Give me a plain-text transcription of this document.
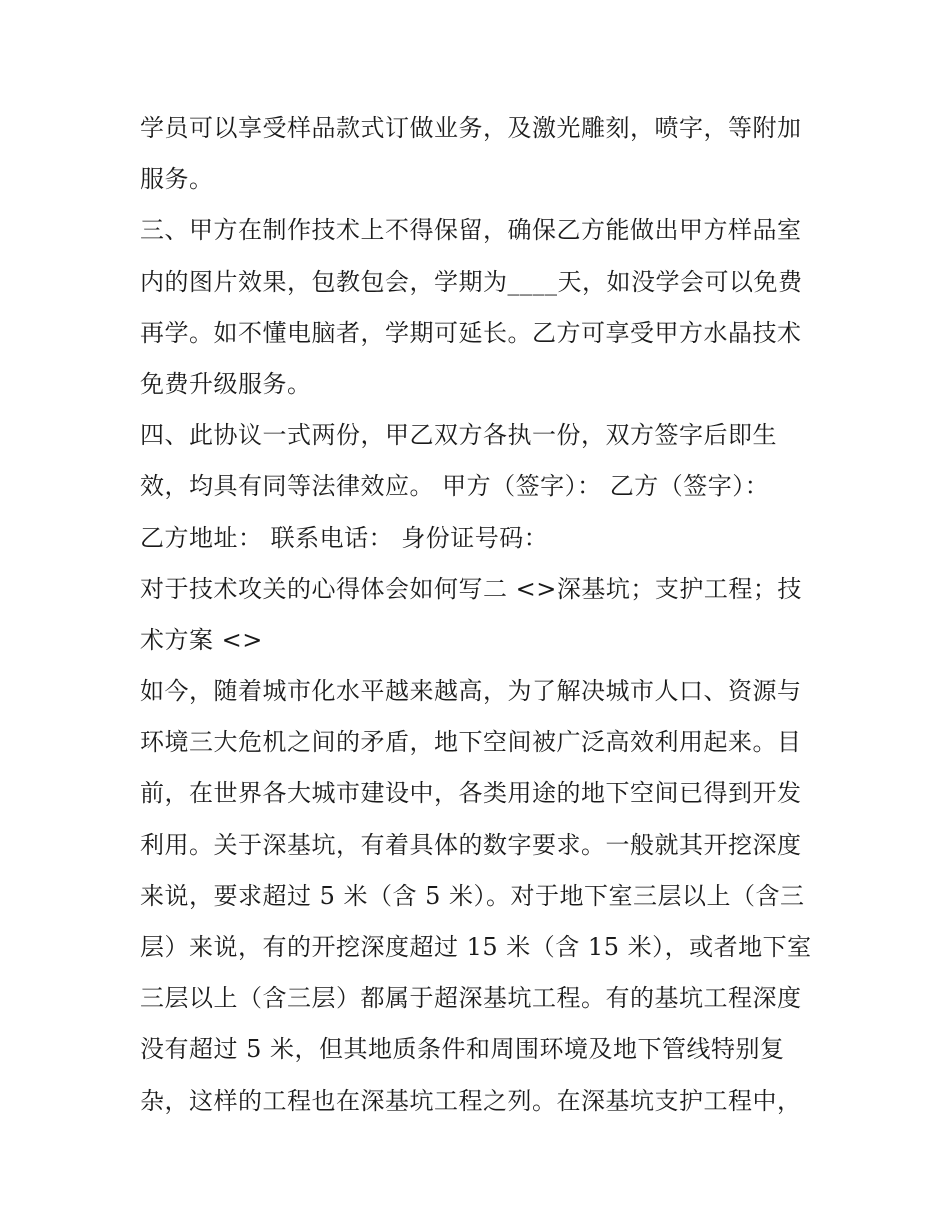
学员可以享受样品款式订做业务，及激光雕刻，喷字，等附加
服务。
三、甲方在制作技术上不得保留，确保乙方能做出甲方样品室
内的图片效果，包教包会，学期为____天，如没学会可以免费
再学。如不懂电脑者，学期可延长。乙方可享受甲方水晶技术
免费升级服务。
四、此协议一式两份，甲乙双方各执一份，双方签字后即生
效，均具有同等法律效应。 甲方（签字）： 乙方（签字）：
乙方地址： 联系电话： 身份证号码：
对于技术攻关的心得体会如何写二 <>深基坑；支护工程；技
术方案 <>
如今，随着城市化水平越来越高，为了解决城市人口、资源与
环境三大危机之间的矛盾，地下空间被广泛高效利用起来。目
前，在世界各大城市建设中，各类用途的地下空间已得到开发
利用。关于深基坑，有着具体的数字要求。一般就其开挖深度
来说，要求超过 5 米（含 5 米）。对于地下室三层以上（含三
层）来说，有的开挖深度超过 15 米（含 15 米），或者地下室
三层以上（含三层）都属于超深基坑工程。有的基坑工程深度
没有超过 5 米，但其地质条件和周围环境及地下管线特别复
杂，这样的工程也在深基坑工程之列。在深基坑支护工程中，
